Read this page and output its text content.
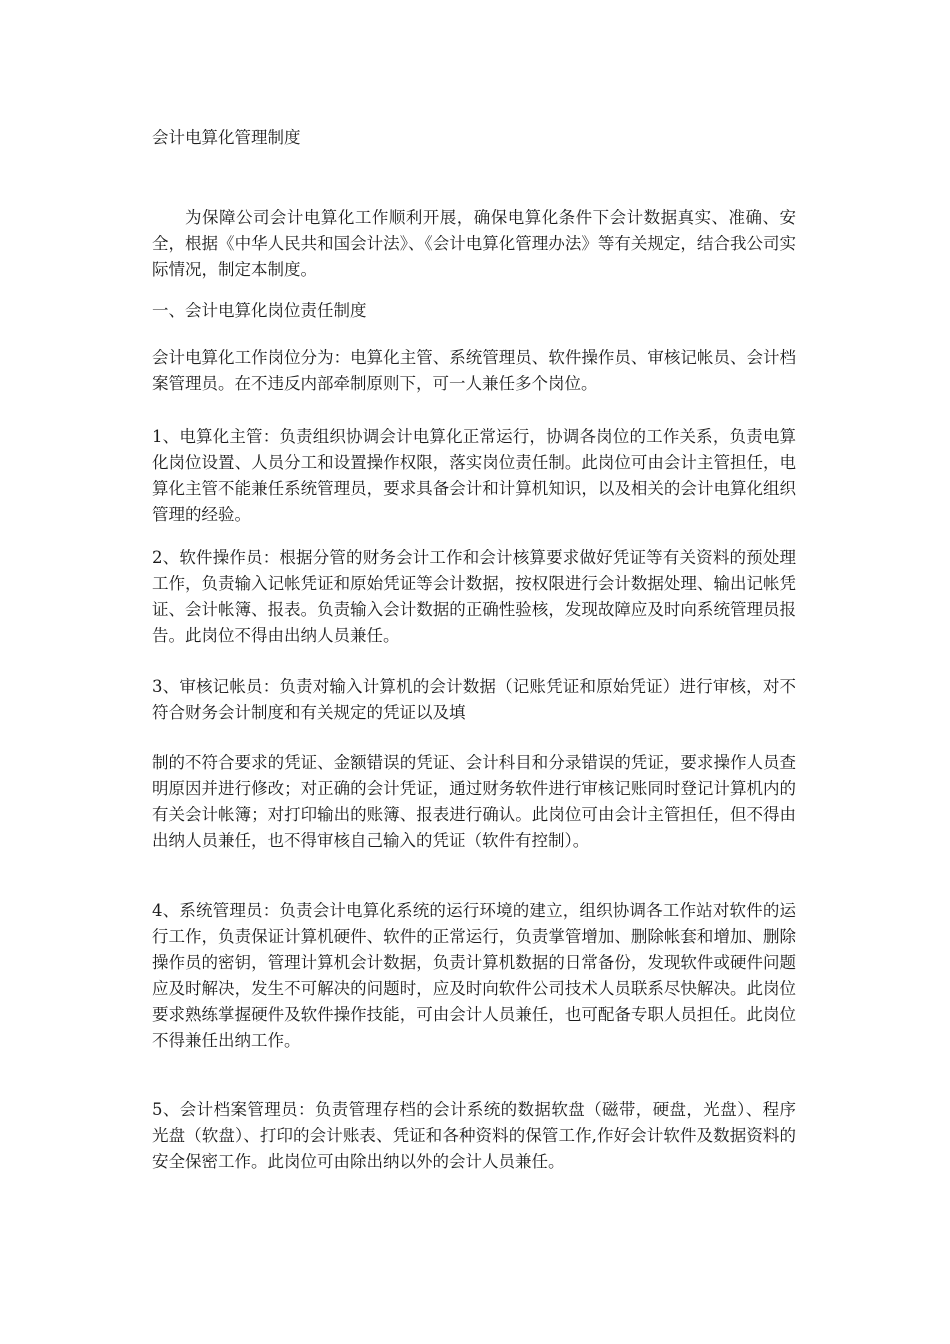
会计电算化管理制度

为保障公司会计电算化工作顺利开展，确保电算化条件下会计数据真实、准确、安全，根据《中华人民共和国会计法》、《会计电算化管理办法》等有关规定，结合我公司实际情况，制定本制度。

一、会计电算化岗位责任制度

会计电算化工作岗位分为：电算化主管、系统管理员、软件操作员、审核记帐员、会计档案管理员。在不违反内部牵制原则下，可一人兼任多个岗位。

1、电算化主管：负责组织协调会计电算化正常运行，协调各岗位的工作关系，负责电算化岗位设置、人员分工和设置操作权限，落实岗位责任制。此岗位可由会计主管担任，电算化主管不能兼任系统管理员，要求具备会计和计算机知识，以及相关的会计电算化组织管理的经验。

2、软件操作员：根据分管的财务会计工作和会计核算要求做好凭证等有关资料的预处理工作，负责输入记帐凭证和原始凭证等会计数据，按权限进行会计数据处理、输出记帐凭证、会计帐簿、报表。负责输入会计数据的正确性验核，发现故障应及时向系统管理员报告。此岗位不得由出纳人员兼任。

3、审核记帐员：负责对输入计算机的会计数据（记账凭证和原始凭证）进行审核，对不符合财务会计制度和有关规定的凭证以及填

制的不符合要求的凭证、金额错误的凭证、会计科目和分录错误的凭证，要求操作人员查明原因并进行修改；对正确的会计凭证，通过财务软件进行审核记账同时登记计算机内的有关会计帐簿；对打印输出的账簿、报表进行确认。此岗位可由会计主管担任，但不得由出纳人员兼任，也不得审核自己输入的凭证（软件有控制）。

4、系统管理员：负责会计电算化系统的运行环境的建立，组织协调各工作站对软件的运行工作，负责保证计算机硬件、软件的正常运行，负责掌管增加、删除帐套和增加、删除操作员的密钥，管理计算机会计数据，负责计算机数据的日常备份，发现软件或硬件问题应及时解决，发生不可解决的问题时，应及时向软件公司技术人员联系尽快解决。此岗位要求熟练掌握硬件及软件操作技能，可由会计人员兼任，也可配备专职人员担任。此岗位不得兼任出纳工作。

5、会计档案管理员：负责管理存档的会计系统的数据软盘（磁带，硬盘，光盘）、程序光盘（软盘）、打印的会计账表、凭证和各种资料的保管工作,作好会计软件及数据资料的安全保密工作。此岗位可由除出纳以外的会计人员兼任。
